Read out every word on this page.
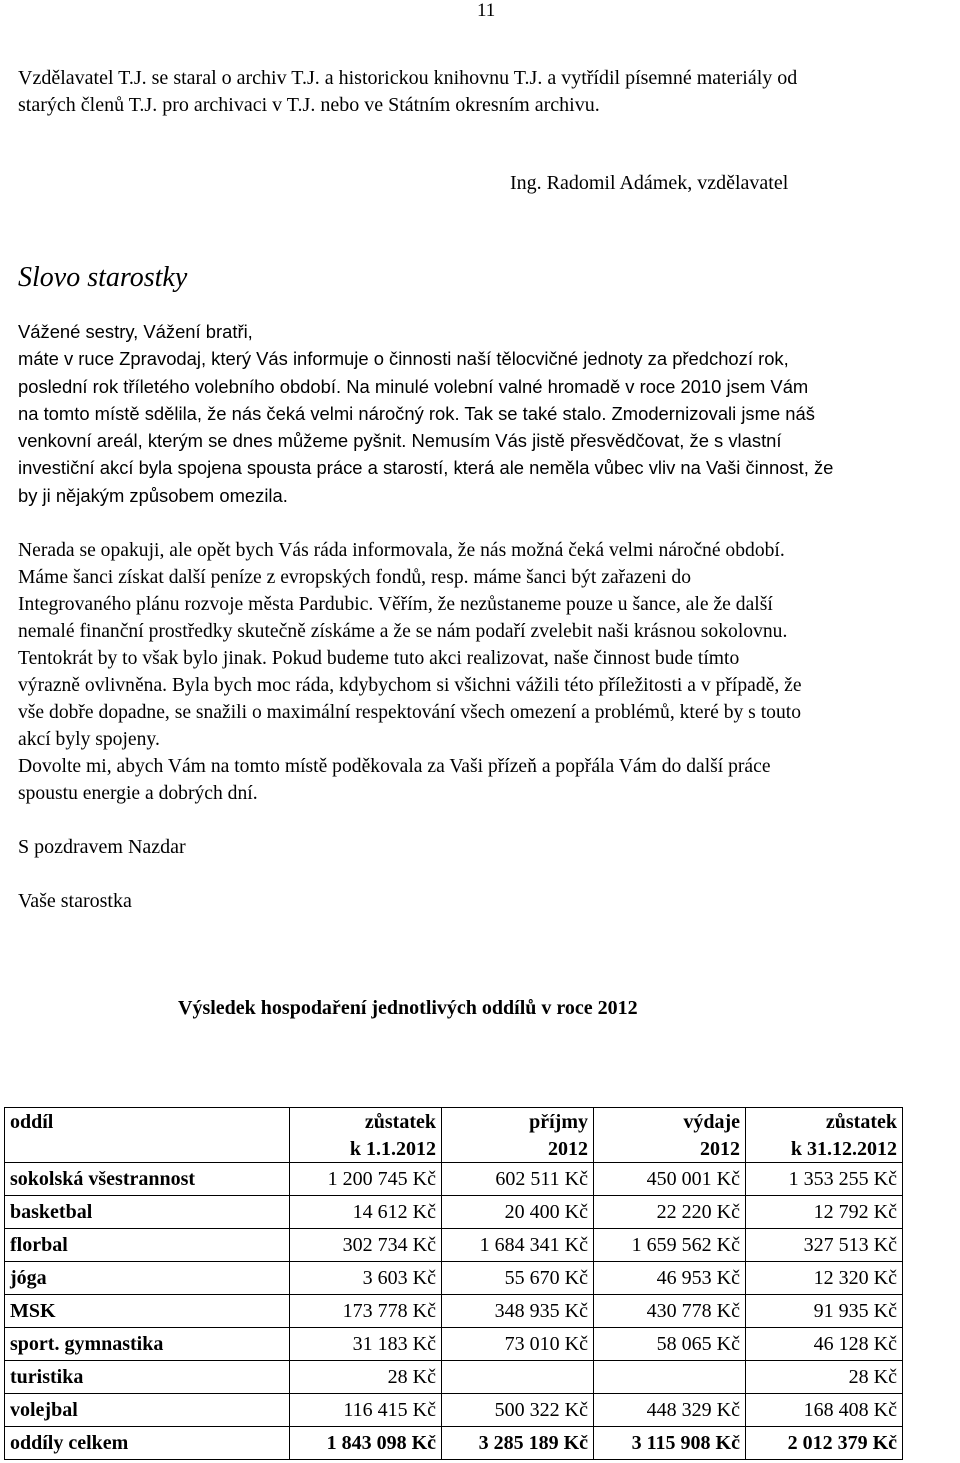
11
Vzdělavatel T.J. se staral o archiv T.J. a historickou knihovnu T.J. a vytřídil písemné materiály od
starých členů T.J. pro archivaci v T.J. nebo ve Státním okresním archivu.
Ing. Radomil Adámek, vzdělavatel
Slovo starostky
Vážené sestry, Vážení bratři,
máte v ruce Zpravodaj, který Vás informuje o činnosti naší tělocvičné jednoty za předchozí rok,
poslední rok tříletého volebního období. Na minulé volební valné hromadě v roce 2010 jsem Vám
na tomto místě sdělila, že nás čeká velmi náročný rok. Tak se také stalo. Zmodernizovali jsme náš
venkovní areál, kterým se dnes můžeme pyšnit. Nemusím Vás jistě přesvědčovat, že s vlastní
investiční akcí byla spojena spousta práce a starostí, která ale neměla vůbec vliv na Vaši činnost, že
by ji nějakým způsobem omezila.
Nerada se opakuji, ale opět bych Vás ráda informovala, že nás možná čeká velmi náročné období.
Máme šanci získat další peníze z evropských fondů, resp. máme šanci být zařazeni do
Integrovaného plánu rozvoje města Pardubic. Věřím, že nezůstaneme pouze u šance, ale že další
nemalé finanční prostředky skutečně získáme a že se nám podaří zvelebit naši krásnou sokolovnu.
Tentokrát by to však bylo jinak. Pokud budeme tuto akci realizovat, naše činnost bude tímto
výrazně ovlivněna. Byla bych moc ráda, kdybychom si všichni vážili této příležitosti a v případě, že
vše dobře dopadne, se snažili o maximální respektování všech omezení a problémů, které by s touto
akcí byly spojeny.
Dovolte mi, abych Vám na tomto místě poděkovala za Vaši přízeň a popřála Vám do další práce
spoustu energie a dobrých dní.
S pozdravem Nazdar
Vaše starostka
Výsledek hospodaření jednotlivých oddílů v roce 2012
oddíl	zůstatek	příjmy	výdaje	zůstatek
	k 1.1.2012	2012	2012	k 31.12.2012
sokolská všestrannost	1 200 745 Kč	602 511 Kč	450 001 Kč	1 353 255 Kč
basketbal	14 612 Kč	20 400 Kč	22 220 Kč	12 792 Kč
florbal	302 734 Kč	1 684 341 Kč	1 659 562 Kč	327 513 Kč
jóga	3 603 Kč	55 670 Kč	46 953 Kč	12 320 Kč
MSK	173 778 Kč	348 935 Kč	430 778 Kč	91 935 Kč
sport. gymnastika	31 183 Kč	73 010 Kč	58 065 Kč	46 128 Kč
turistika	28 Kč			28 Kč
volejbal	116 415 Kč	500 322 Kč	448 329 Kč	168 408 Kč
oddíly celkem	1 843 098 Kč	3 285 189 Kč	3 115 908 Kč	2 012 379 Kč
